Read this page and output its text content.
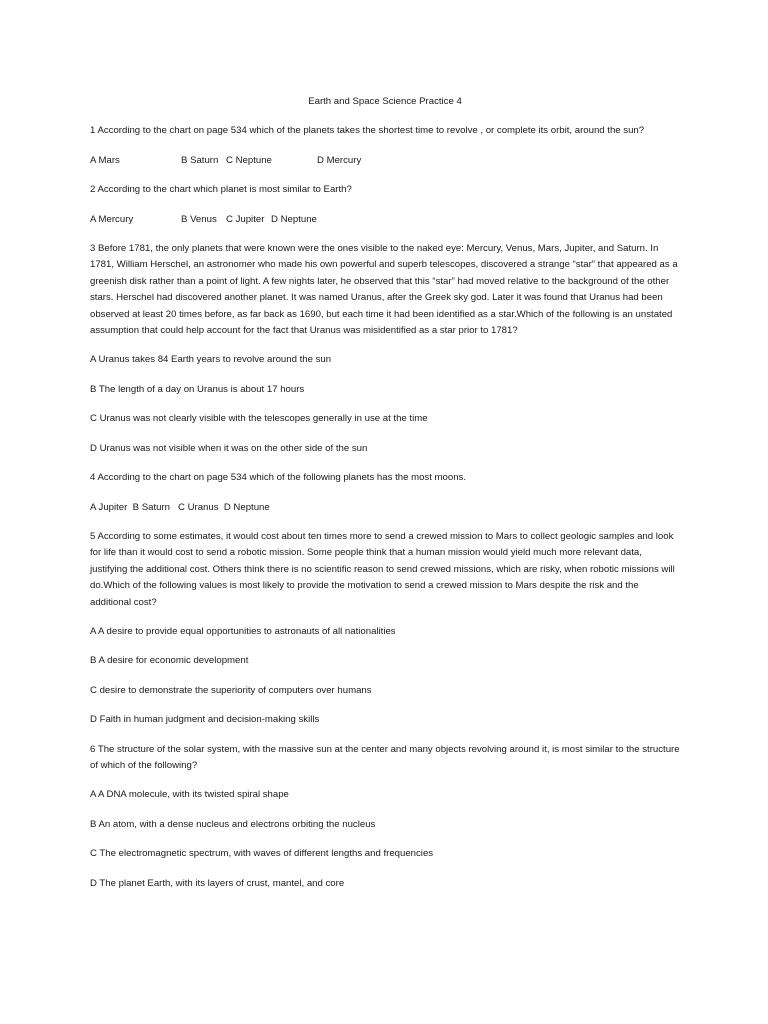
Earth and Space Science Practice 4

1 According to the chart on page 534 which of the planets takes the shortest time to revolve , or complete its orbit, around the sun?

A Mars	B Saturn C Neptune	D Mercury

2 According to the chart which planet is most similar to Earth?

A Mercury	B Venus C Jupiter D Neptune

3 Before 1781, the only planets that were known were the ones visible to the naked eye: Mercury, Venus, Mars, Jupiter, and Saturn. In 1781, William Herschel, an astronomer who made his own powerful and superb telescopes, discovered a strange “star” that appeared as a greenish disk rather than a point of light. A few nights later, he observed that this “star” had moved relative to the background of the other stars. Herschel had discovered another planet. It was named Uranus, after the Greek sky god. Later it was found that Uranus had been observed at least 20 times before, as far back as 1690, but each time it had been identified as a star.Which of the following is an unstated assumption that could help account for the fact that Uranus was misidentified as a star prior to 1781?

A Uranus takes 84 Earth years to revolve around the sun

B The length of a day on Uranus is about 17 hours

C Uranus was not clearly visible with the telescopes generally in use at the time

D Uranus was not visible when it was on the other side of the sun

4 According to the chart on page 534 which of the following planets has the most moons.

A Jupiter  B Saturn   C Uranus  D Neptune

5 According to some estimates, it would cost about ten times more to send a crewed mission to Mars to collect geologic samples and look for life than it would cost to send a robotic mission. Some people think that a human mission would yield much more relevant data, justifying the additional cost. Others think there is no scientific reason to send crewed missions, which are risky, when robotic missions will do.Which of the following values is most likely to provide the motivation to send a crewed mission to Mars despite the risk and the additional cost?

A A desire to provide equal opportunities to astronauts of all nationalities

B A desire for economic development

C desire to demonstrate the superiority of computers over humans

D Faith in human judgment and decision-making skills

6 The structure of the solar system, with the massive sun at the center and many objects revolving around it, is most similar to the structure of which of the following?

A A DNA molecule, with its twisted spiral shape

B An atom, with a dense nucleus and electrons orbiting the nucleus

C The electromagnetic spectrum, with waves of different lengths and frequencies

D The planet Earth, with its layers of crust, mantel, and core
